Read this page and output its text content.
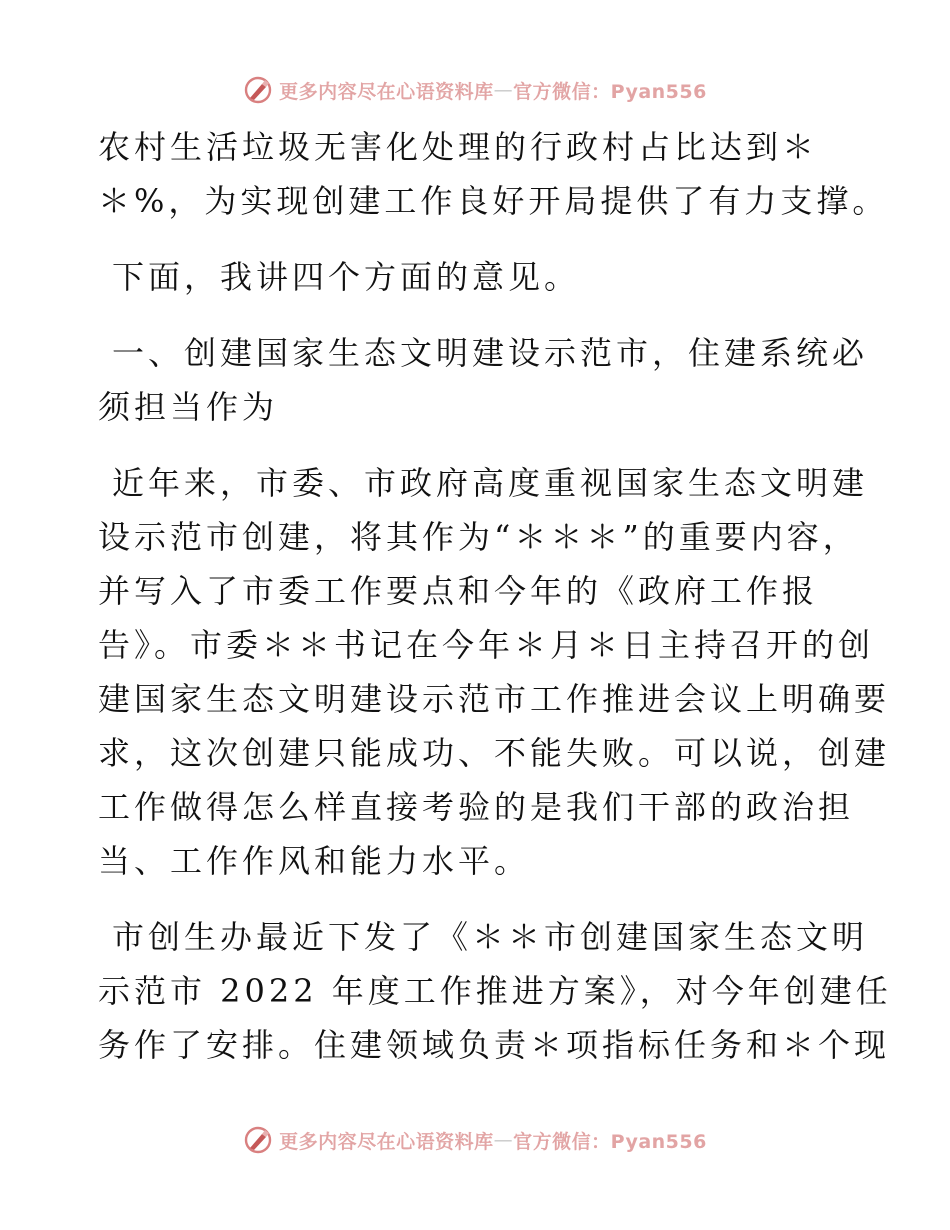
更多内容尽在心语资料库 — 官方微信：Pyan556
农村生活垃圾无害化处理的行政村占比达到＊
＊%，为实现创建工作良好开局提供了有力支撑。
下面，我讲四个方面的意见。
一、创建国家生态文明建设示范市，住建系统必
须担当作为
近年来，市委、市政府高度重视国家生态文明建
设示范市创建，将其作为“＊＊＊”的重要内容，
并写入了市委工作要点和今年的《政府工作报
告》。市委＊＊书记在今年＊月＊日主持召开的创
建国家生态文明建设示范市工作推进会议上明确要
求，这次创建只能成功、不能失败。可以说，创建
工作做得怎么样直接考验的是我们干部的政治担
当、工作作风和能力水平。
市创生办最近下发了《＊＊市创建国家生态文明
示范市 2022 年度工作推进方案》，对今年创建任
务作了安排。住建领域负责＊项指标任务和＊个现
更多内容尽在心语资料库 — 官方微信：Pyan556
